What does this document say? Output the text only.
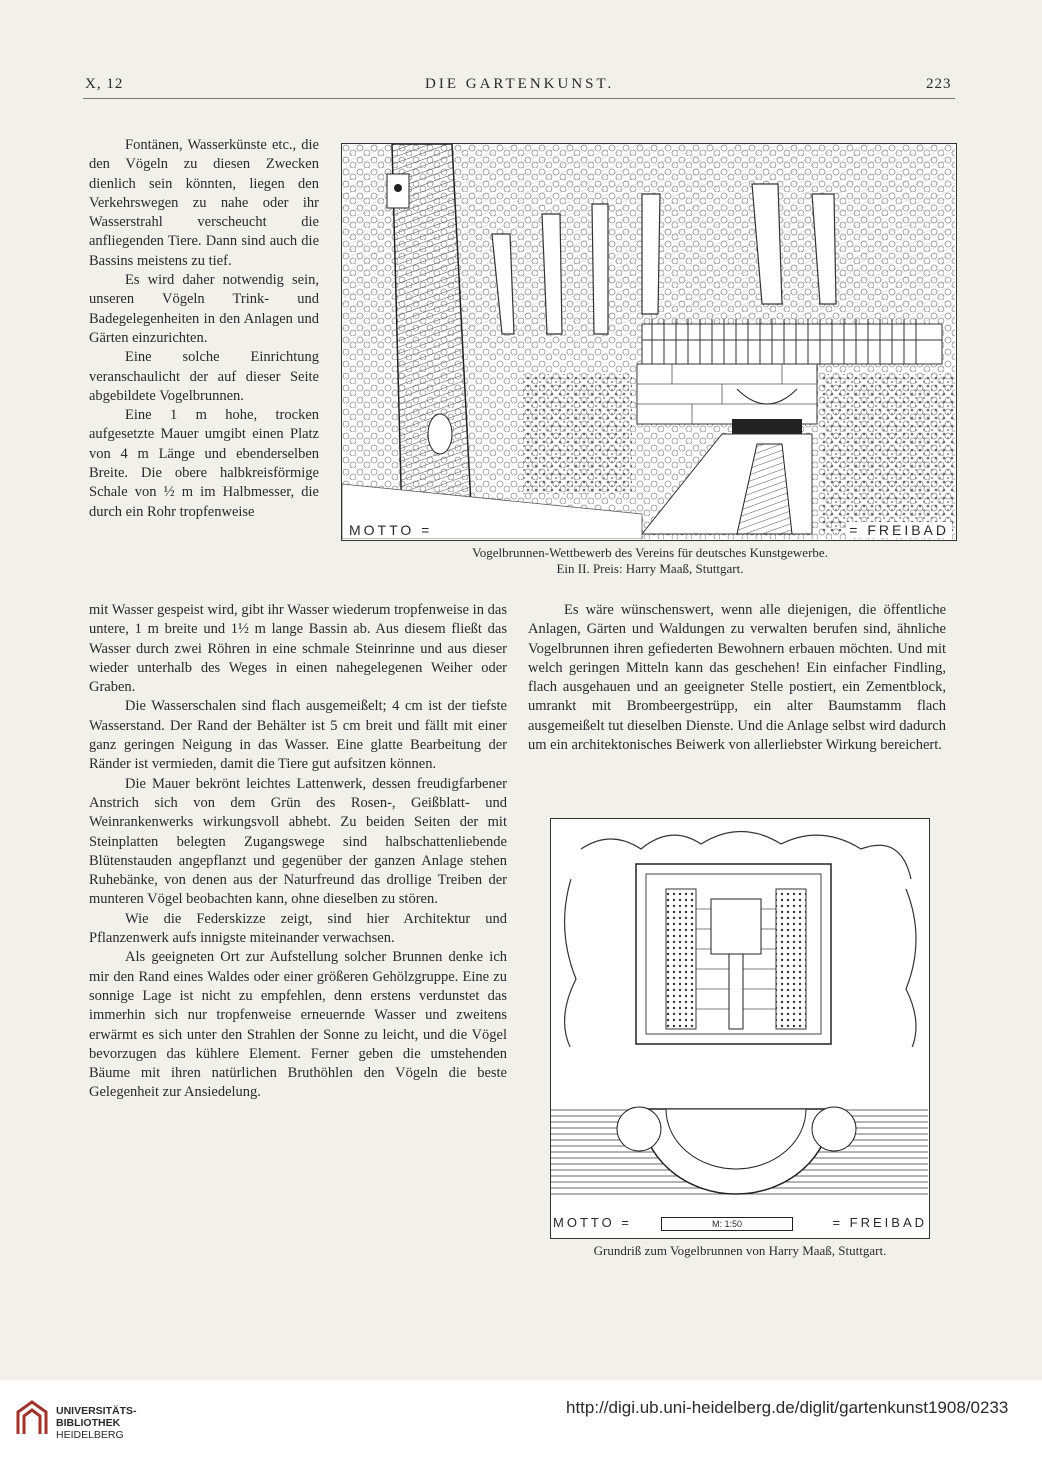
X, 12	DIE GARTENKUNST.	223

Fontänen, Wasserkünste etc., die den Vögeln zu diesen Zwecken dienlich sein könnten, liegen den Verkehrswegen zu nahe oder ihr Wasserstrahl verscheucht die anfliegenden Tiere. Dann sind auch die Bassins meistens zu tief.

Es wird daher notwendig sein, unseren Vögeln Trink- und Badegelegenheiten in den Anlagen und Gärten einzurichten.

Eine solche Einrichtung veranschaulicht der auf dieser Seite abgebildete Vogelbrunnen.

Eine 1 m hohe, trocken aufgesetzte Mauer umgibt einen Platz von 4 m Länge und ebenderselben Breite. Die obere halbkreisförmige Schale von ½ m im Halbmesser, die durch ein Rohr tropfenweise

MOTTO =	= FREIBAD
Vogelbrunnen-Wettbewerb des Vereins für deutsches Kunstgewerbe.
Ein II. Preis: Harry Maaß, Stuttgart.

mit Wasser gespeist wird, gibt ihr Wasser wiederum tropfenweise in das untere, 1 m breite und 1½ m lange Bassin ab. Aus diesem fließt das Wasser durch zwei Röhren in eine schmale Steinrinne und aus dieser wieder unterhalb des Weges in einen nahegelegenen Weiher oder Graben.

Die Wasserschalen sind flach ausgemeißelt; 4 cm ist der tiefste Wasserstand. Der Rand der Behälter ist 5 cm breit und fällt mit einer ganz geringen Neigung in das Wasser. Eine glatte Bearbeitung der Ränder ist vermieden, damit die Tiere gut aufsitzen können.

Die Mauer bekrönt leichtes Lattenwerk, dessen freudigfarbener Anstrich sich von dem Grün des Rosen-, Geißblatt- und Weinrankenwerks wirkungsvoll abhebt. Zu beiden Seiten der mit Steinplatten belegten Zugangswege sind halbschattenliebende Blütenstauden angepflanzt und gegenüber der ganzen Anlage stehen Ruhebänke, von denen aus der Naturfreund das drollige Treiben der munteren Vögel beobachten kann, ohne dieselben zu stören.

Wie die Federskizze zeigt, sind hier Architektur und Pflanzenwerk aufs innigste miteinander verwachsen.

Als geeigneten Ort zur Aufstellung solcher Brunnen denke ich mir den Rand eines Waldes oder einer größeren Gehölzgruppe. Eine zu sonnige Lage ist nicht zu empfehlen, denn erstens verdunstet das immerhin sich nur tropfenweise erneuernde Wasser und zweitens erwärmt es sich unter den Strahlen der Sonne zu leicht, und die Vögel bevorzugen das kühlere Element. Ferner geben die umstehenden Bäume mit ihren natürlichen Bruthöhlen den Vögeln die beste Gelegenheit zur Ansiedelung.

Es wäre wünschenswert, wenn alle diejenigen, die öffentliche Anlagen, Gärten und Waldungen zu verwalten berufen sind, ähnliche Vogelbrunnen ihren gefiederten Bewohnern erbauen möchten. Und mit welch geringen Mitteln kann das geschehen! Ein einfacher Findling, flach ausgehauen und an geeigneter Stelle postiert, ein Zementblock, umrankt mit Brombeergestrüpp, ein alter Baumstamm flach ausgemeißelt tut dieselben Dienste. Und die Anlage selbst wird dadurch um ein architektonisches Beiwerk von allerliebster Wirkung bereichert.

MOTTO =	M: 1:50	= FREIBAD
Grundriß zum Vogelbrunnen von Harry Maaß, Stuttgart.
UNIVERSITÄTS-
BIBLIOTHEK
HEIDELBERG
http://digi.ub.uni-heidelberg.de/diglit/gartenkunst1908/0233
